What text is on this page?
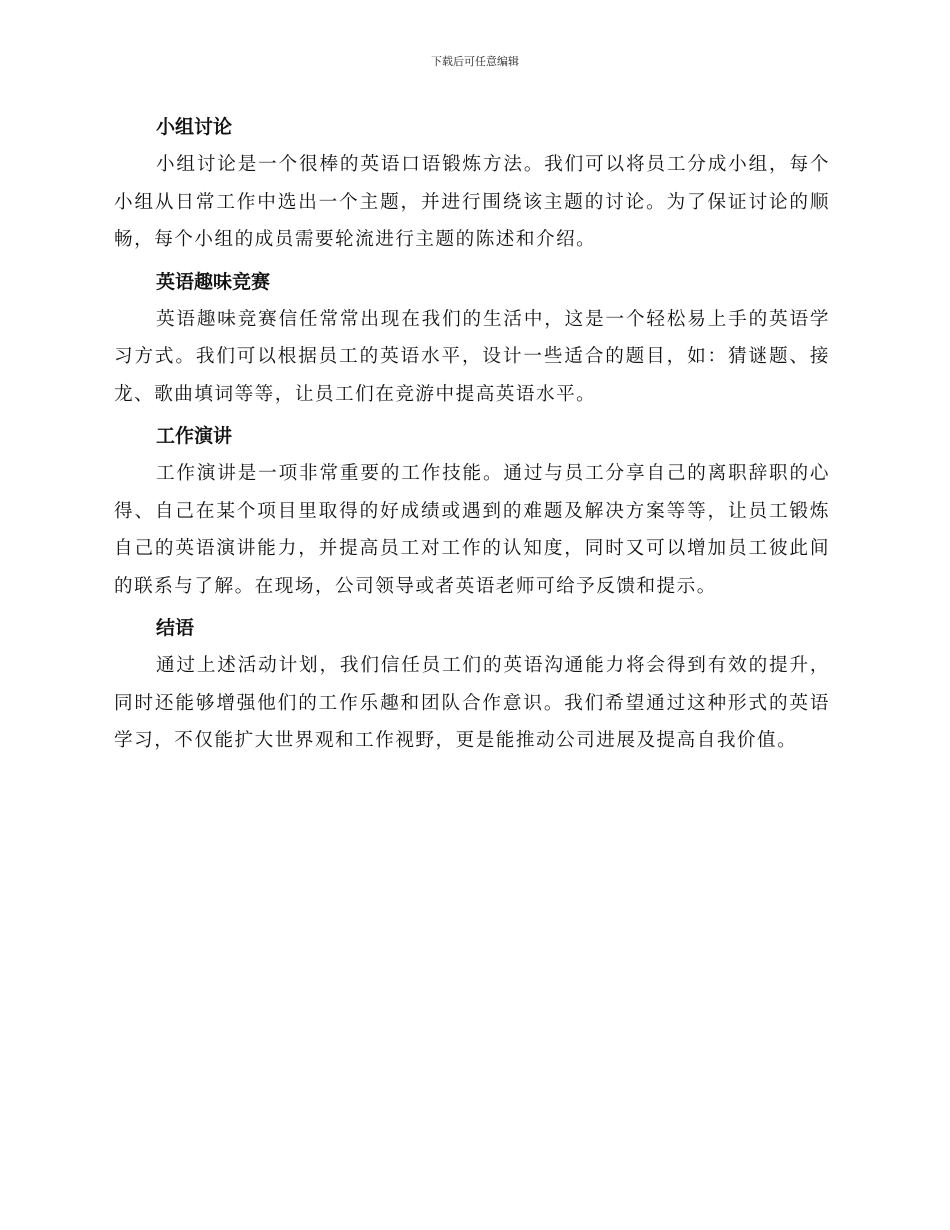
下载后可任意编辑
小组讨论

小组讨论是一个很棒的英语口语锻炼方法。我们可以将员工分成小组，每个小组从日常工作中选出一个主题，并进行围绕该主题的讨论。为了保证讨论的顺畅，每个小组的成员需要轮流进行主题的陈述和介绍。

英语趣味竞赛

英语趣味竞赛信任常常出现在我们的生活中，这是一个轻松易上手的英语学习方式。我们可以根据员工的英语水平，设计一些适合的题目，如：猜谜题、接龙、歌曲填词等等，让员工们在竞游中提高英语水平。

工作演讲

工作演讲是一项非常重要的工作技能。通过与员工分享自己的离职辞职的心得、自己在某个项目里取得的好成绩或遇到的难题及解决方案等等，让员工锻炼自己的英语演讲能力，并提高员工对工作的认知度，同时又可以增加员工彼此间的联系与了解。在现场，公司领导或者英语老师可给予反馈和提示。

结语

通过上述活动计划，我们信任员工们的英语沟通能力将会得到有效的提升，同时还能够增强他们的工作乐趣和团队合作意识。我们希望通过这种形式的英语学习，不仅能扩大世界观和工作视野，更是能推动公司进展及提高自我价值。
